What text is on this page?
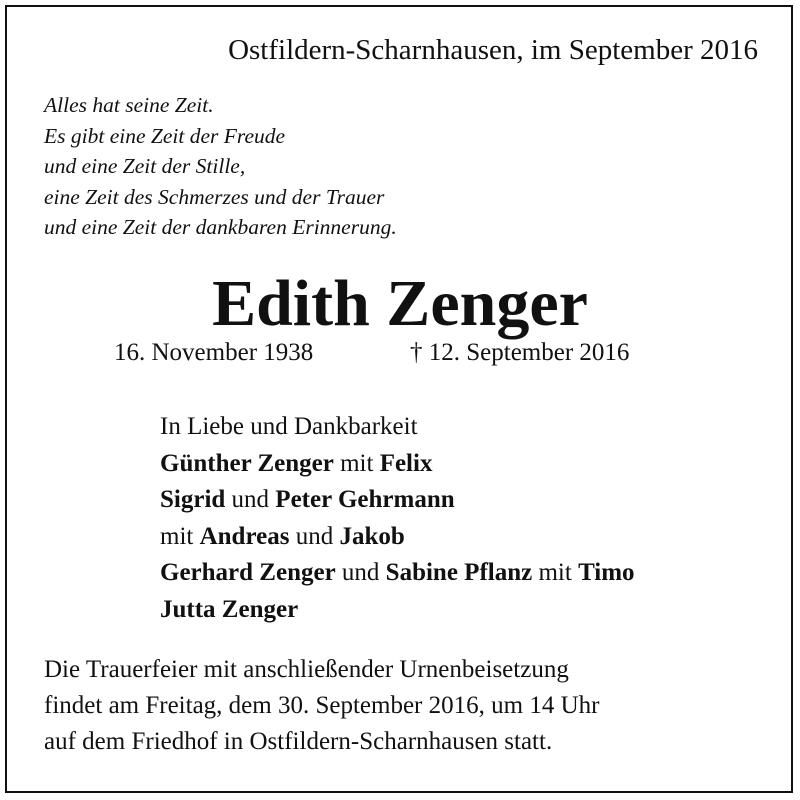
Ostfildern-Scharnhausen, im September 2016
Alles hat seine Zeit.
Es gibt eine Zeit der Freude
und eine Zeit der Stille,
eine Zeit des Schmerzes und der Trauer
und eine Zeit der dankbaren Erinnerung.
Edith Zenger
16. November 1938	† 12. September 2016
In Liebe und Dankbarkeit
Günther Zenger mit Felix
Sigrid und Peter Gehrmann
mit Andreas und Jakob
Gerhard Zenger und Sabine Pflanz mit Timo
Jutta Zenger
Die Trauerfeier mit anschließender Urnenbeisetzung
findet am Freitag, dem 30. September 2016, um 14 Uhr
auf dem Friedhof in Ostfildern-Scharnhausen statt.
